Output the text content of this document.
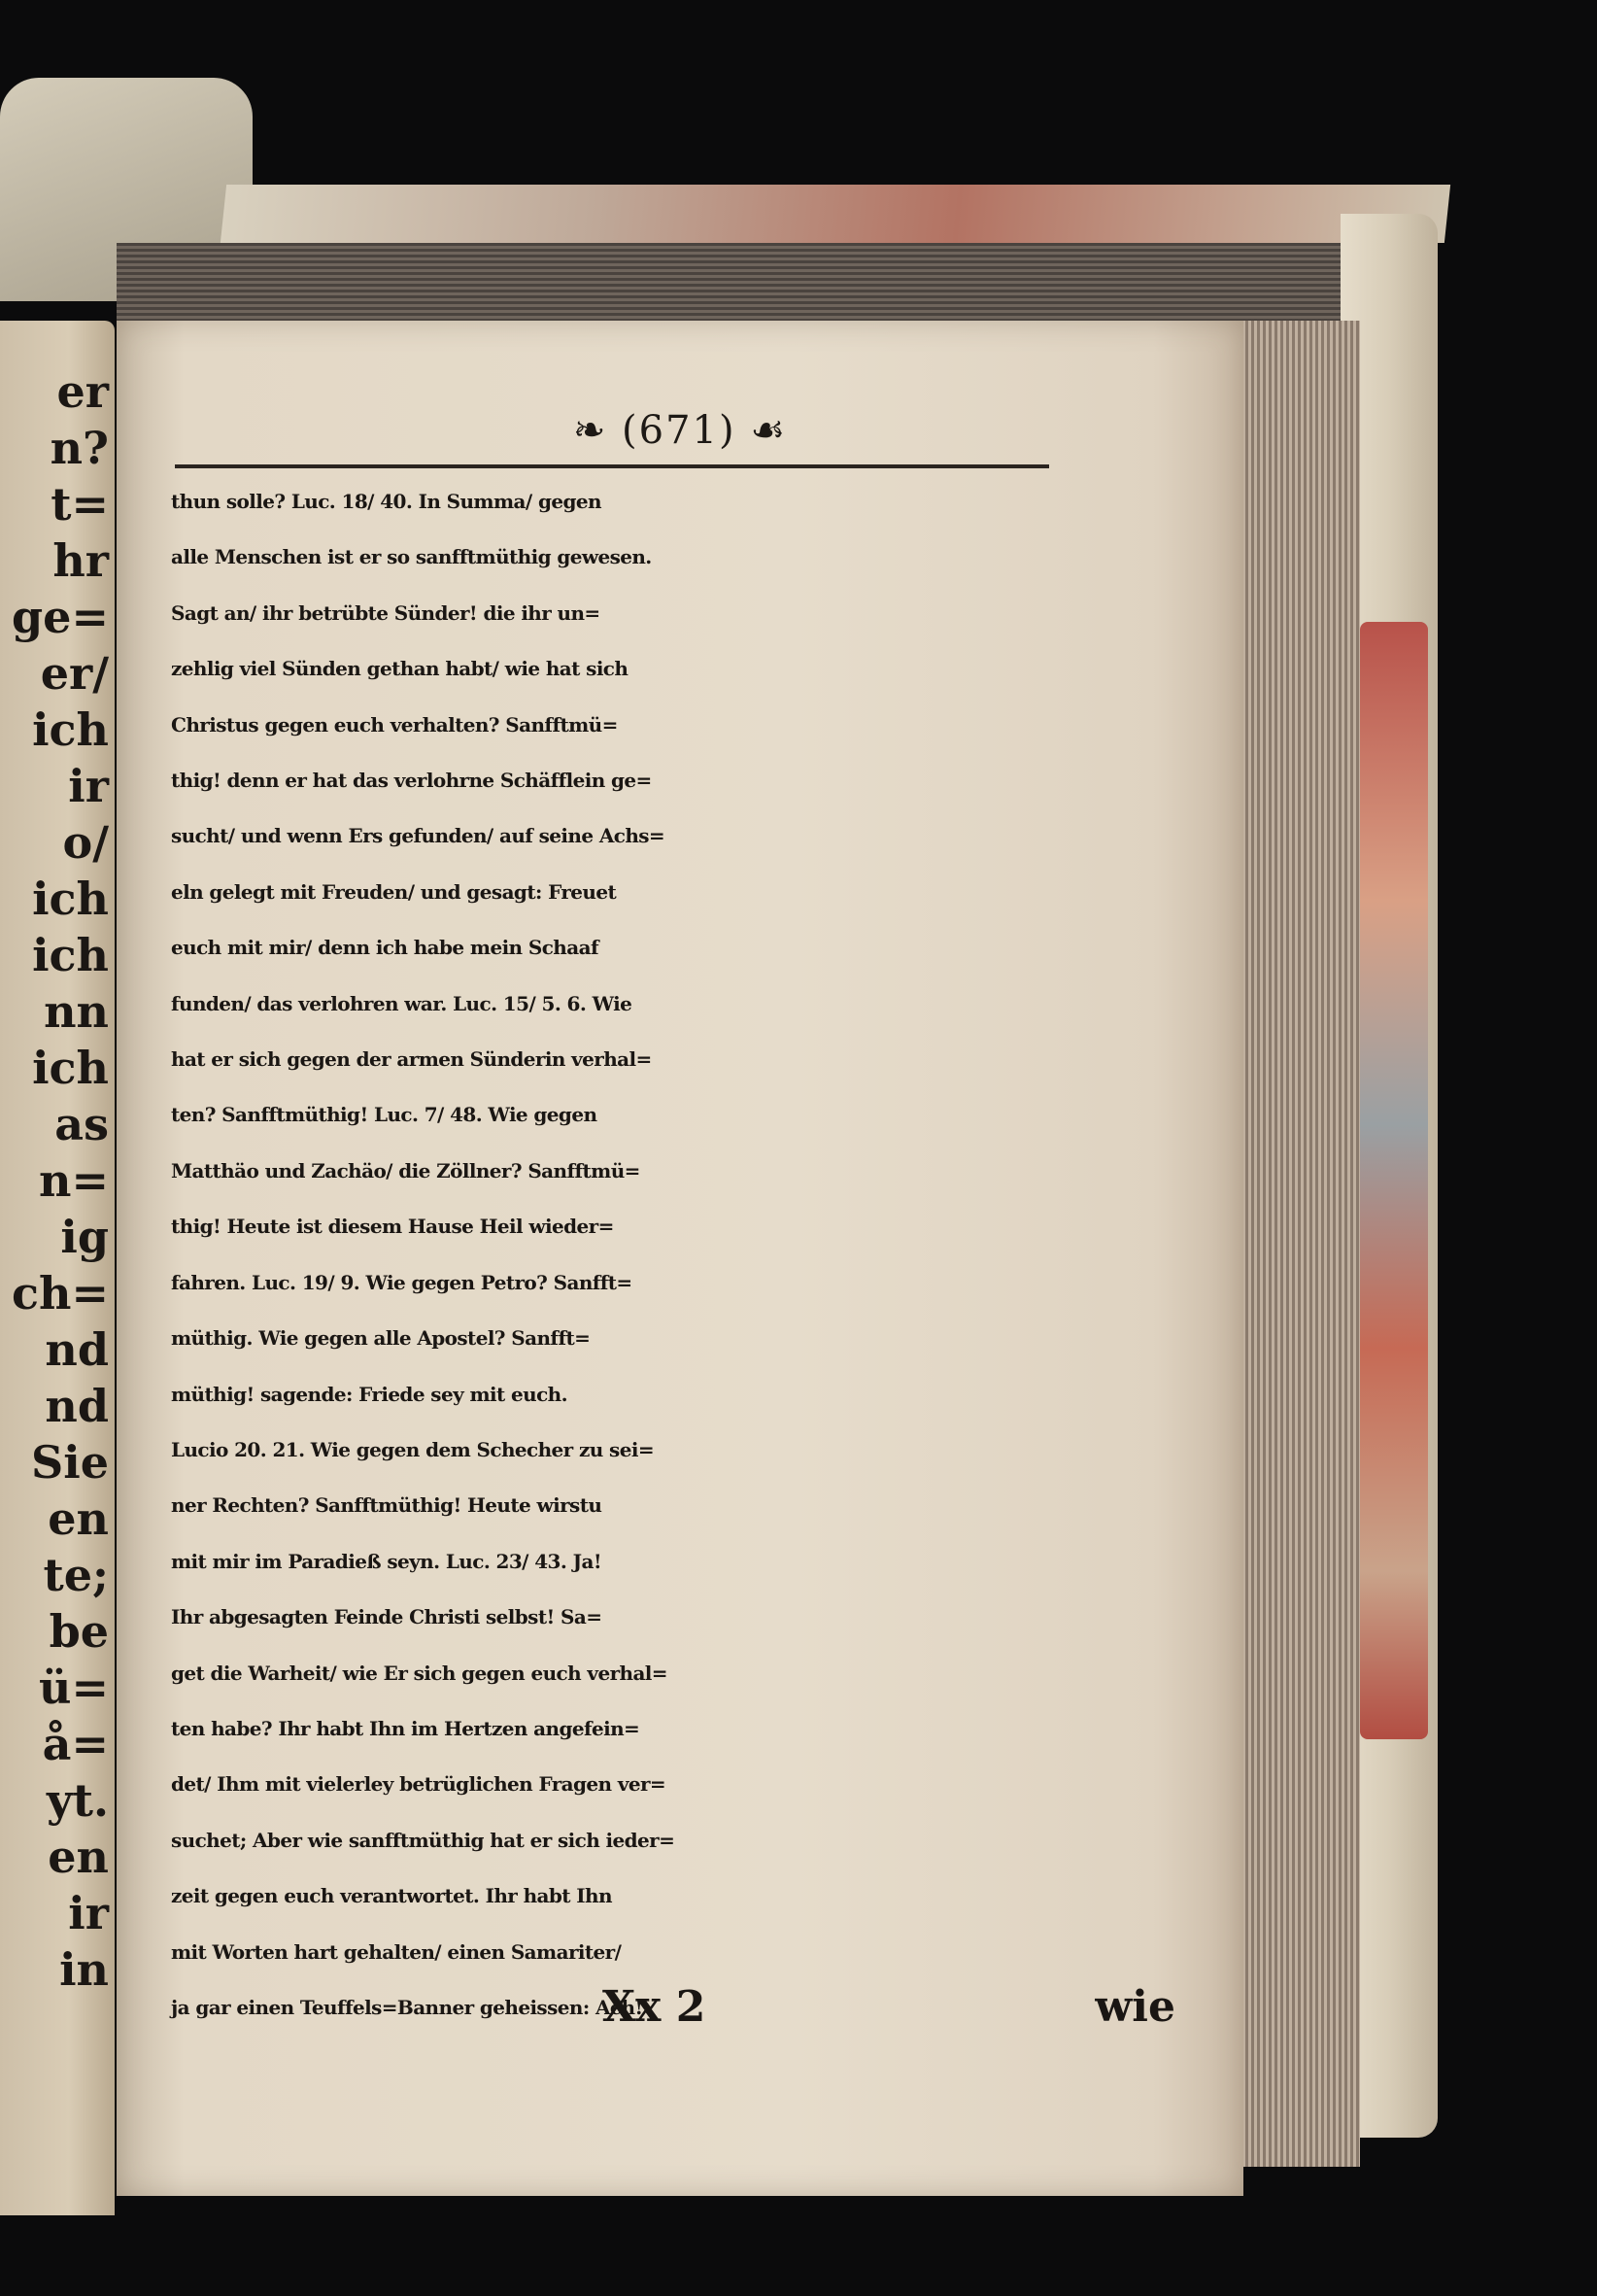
er
n?
t=
hr
ge=
er/
ich
ir
o/
ich
ich
nn
ich
as
n=
ig
ch=
nd
nd
Sie
en
te;
be
ü=
å=
yt.
en
ir
in
❧ (671) ☙
thun solle? Luc. 18/ 40. In Summa/ gegen
alle Menschen ist er so sanfftmüthig gewesen.
Sagt an/ ihr betrübte Sünder! die ihr un=
zehlig viel Sünden gethan habt/ wie hat sich
Christus gegen euch verhalten? Sanfftmü=
thig! denn er hat das verlohrne Schäfflein ge=
sucht/ und wenn Ers gefunden/ auf seine Achs=
eln gelegt mit Freuden/ und gesagt: Freuet
euch mit mir/ denn ich habe mein Schaaf
funden/ das verlohren war. Luc. 15/ 5. 6. Wie
hat er sich gegen der armen Sünderin verhal=
ten? Sanfftmüthig! Luc. 7/ 48. Wie gegen
Matthäo und Zachäo/ die Zöllner? Sanfftmü=
thig! Heute ist diesem Hause Heil wieder=
fahren. Luc. 19/ 9. Wie gegen Petro? Sanfft=
müthig. Wie gegen alle Apostel? Sanfft=
müthig! sagende: Friede sey mit euch.
Lucio 20. 21. Wie gegen dem Schecher zu sei=
ner Rechten? Sanfftmüthig! Heute wirstu
mit mir im Paradieß seyn. Luc. 23/ 43. Ja!
Ihr abgesagten Feinde Christi selbst! Sa=
get die Warheit/ wie Er sich gegen euch verhal=
ten habe? Ihr habt Ihn im Hertzen angefein=
det/ Ihm mit vielerley betrüglichen Fragen ver=
suchet; Aber wie sanfftmüthig hat er sich ieder=
zeit gegen euch verantwortet. Ihr habt Ihn
mit Worten hart gehalten/ einen Samariter/
ja gar einen Teuffels=Banner geheissen: Ach!
Xx 2	wie
